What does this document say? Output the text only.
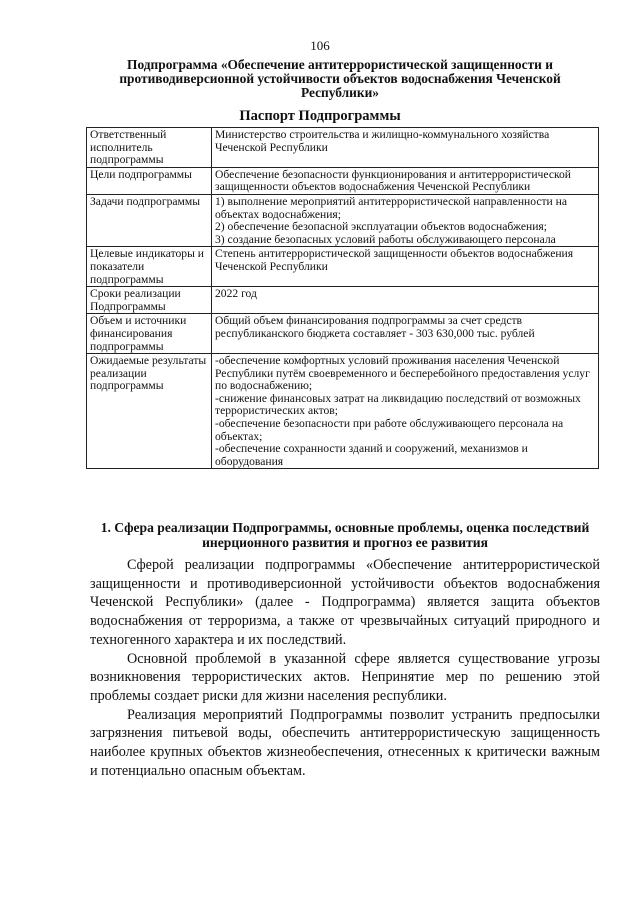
106
Подпрограмма «Обеспечение антитеррористической защищенности и противодиверсионной устойчивости объектов водоснабжения Чеченской Республики»
Паспорт Подпрограммы
Ответственный исполнитель подпрограммы	Министерство строительства и жилищно-коммунального хозяйства Чеченской Республики

Цели подпрограммы	Обеспечение безопасности функционирования и антитеррористической защищенности объектов водоснабжения Чеченской Республики

Задачи подпрограммы	1) выполнение мероприятий антитеррористической направленности на объектах водоснабжения;
2) обеспечение безопасной эксплуатации объектов водоснабжения;
3) создание безопасных условий работы обслуживающего персонала

Целевые индикаторы и показатели подпрограммы	Степень антитеррористической защищенности объектов водоснабжения Чеченской Республики

Сроки реализации Подпрограммы	2022 год

Объем и источники финансирования подпрограммы	Общий объем финансирования подпрограммы за счет средств республиканского бюджета составляет - 303 630,000 тыс. рублей

Ожидаемые результаты реализации подпрограммы	-обеспечение комфортных условий проживания населения Чеченской Республики путём своевременного и бесперебойного предоставления услуг по водоснабжению;
-снижение финансовых затрат на ликвидацию последствий от возможных террористических актов;
-обеспечение безопасности при работе обслуживающего персонала на объектах;
-обеспечение сохранности зданий и сооружений, механизмов и оборудования
1. Сфера реализации Подпрограммы, основные проблемы, оценка последствий инерционного развития и прогноз ее развития

Сферой реализации подпрограммы «Обеспечение антитеррористической защищенности и противодиверсионной устойчивости объектов водоснабжения Чеченской Республики» (далее - Подпрограмма) является защита объектов водоснабжения от терроризма, а также от чрезвычайных ситуаций природного и техногенного характера и их последствий.

Основной проблемой в указанной сфере является существование угрозы возникновения террористических актов. Непринятие мер по решению этой проблемы создает риски для жизни населения республики.

Реализация мероприятий Подпрограммы позволит устранить предпосылки загрязнения питьевой воды, обеспечить антитеррористическую защищенность наиболее крупных объектов жизнеобеспечения, отнесенных к критически важным и потенциально опасным объектам.
